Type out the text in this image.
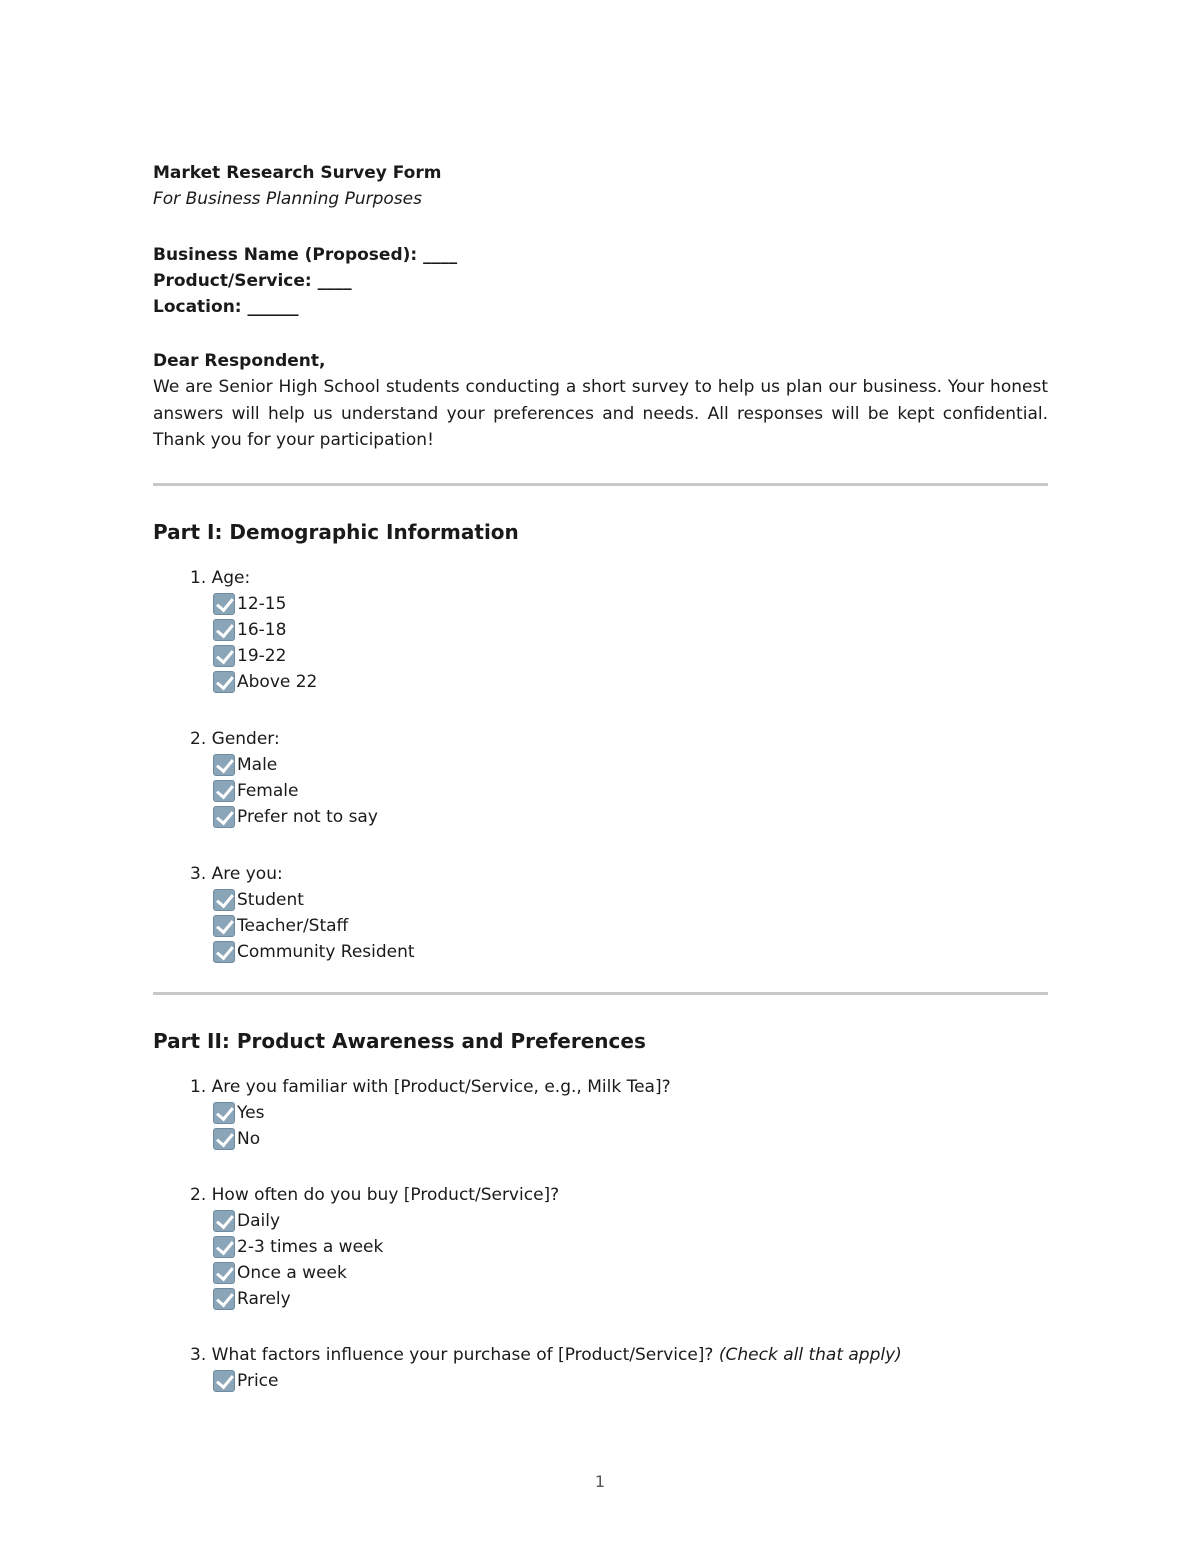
Market Research Survey Form
For Business Planning Purposes
Business Name (Proposed): ____
Product/Service: ____
Location: ______
Dear Respondent,
We are Senior High School students conducting a short survey to help us plan our business. Your honest answers will help us understand your preferences and needs. All responses will be kept confidential. Thank you for your participation!
Part I: Demographic Information
1. Age:
12-15
16-18
19-22
Above 22
2. Gender:
Male
Female
Prefer not to say
3. Are you:
Student
Teacher/Staff
Community Resident
Part II: Product Awareness and Preferences
1. Are you familiar with [Product/Service, e.g., Milk Tea]?
Yes
No
2. How often do you buy [Product/Service]?
Daily
2-3 times a week
Once a week
Rarely
3. What factors influence your purchase of [Product/Service]? (Check all that apply)
Price
1
